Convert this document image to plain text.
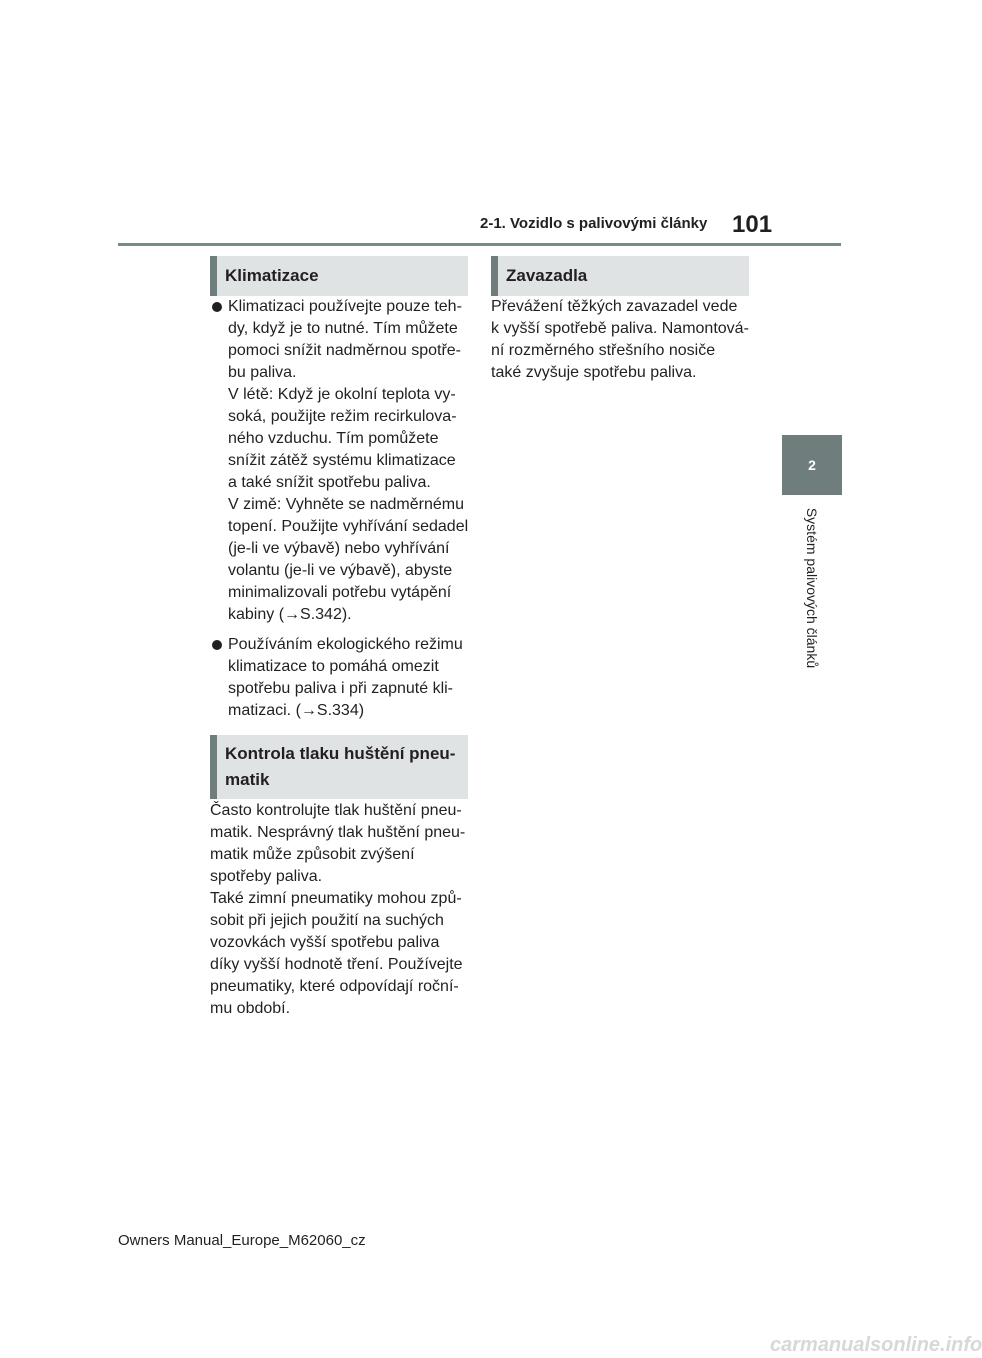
2-1. Vozidlo s palivovými články 101
2
Systém palivových článků
Klimatizace
Klimatizaci používejte pouze teh-
dy, když je to nutné. Tím můžete
pomoci snížit nadměrnou spotře-
bu paliva.
V létě: Když je okolní teplota vy-
soká, použijte režim recirkulova-
ného vzduchu. Tím pomůžete
snížit zátěž systému klimatizace
a také snížit spotřebu paliva.
V zimě: Vyhněte se nadměrnému
topení. Použijte vyhřívání sedadel
(je-li ve výbavě) nebo vyhřívání
volantu (je-li ve výbavě), abyste
minimalizovali potřebu vytápění
kabiny (→S.342).
Používáním ekologického režimu
klimatizace to pomáhá omezit
spotřebu paliva i při zapnuté kli-
matizaci. (→S.334)
Kontrola tlaku huštění pneu-
matik
Často kontrolujte tlak huštění pneu-
matik. Nesprávný tlak huštění pneu-
matik může způsobit zvýšení
spotřeby paliva.
Také zimní pneumatiky mohou způ-
sobit při jejich použití na suchých
vozovkách vyšší spotřebu paliva
díky vyšší hodnotě tření. Používejte
pneumatiky, které odpovídají roční-
mu období.
Zavazadla
Převážení těžkých zavazadel vede
k vyšší spotřebě paliva. Namontová-
ní rozměrného střešního nosiče
také zvyšuje spotřebu paliva.
Owners Manual_Europe_M62060_cz
carmanualsonline.info
